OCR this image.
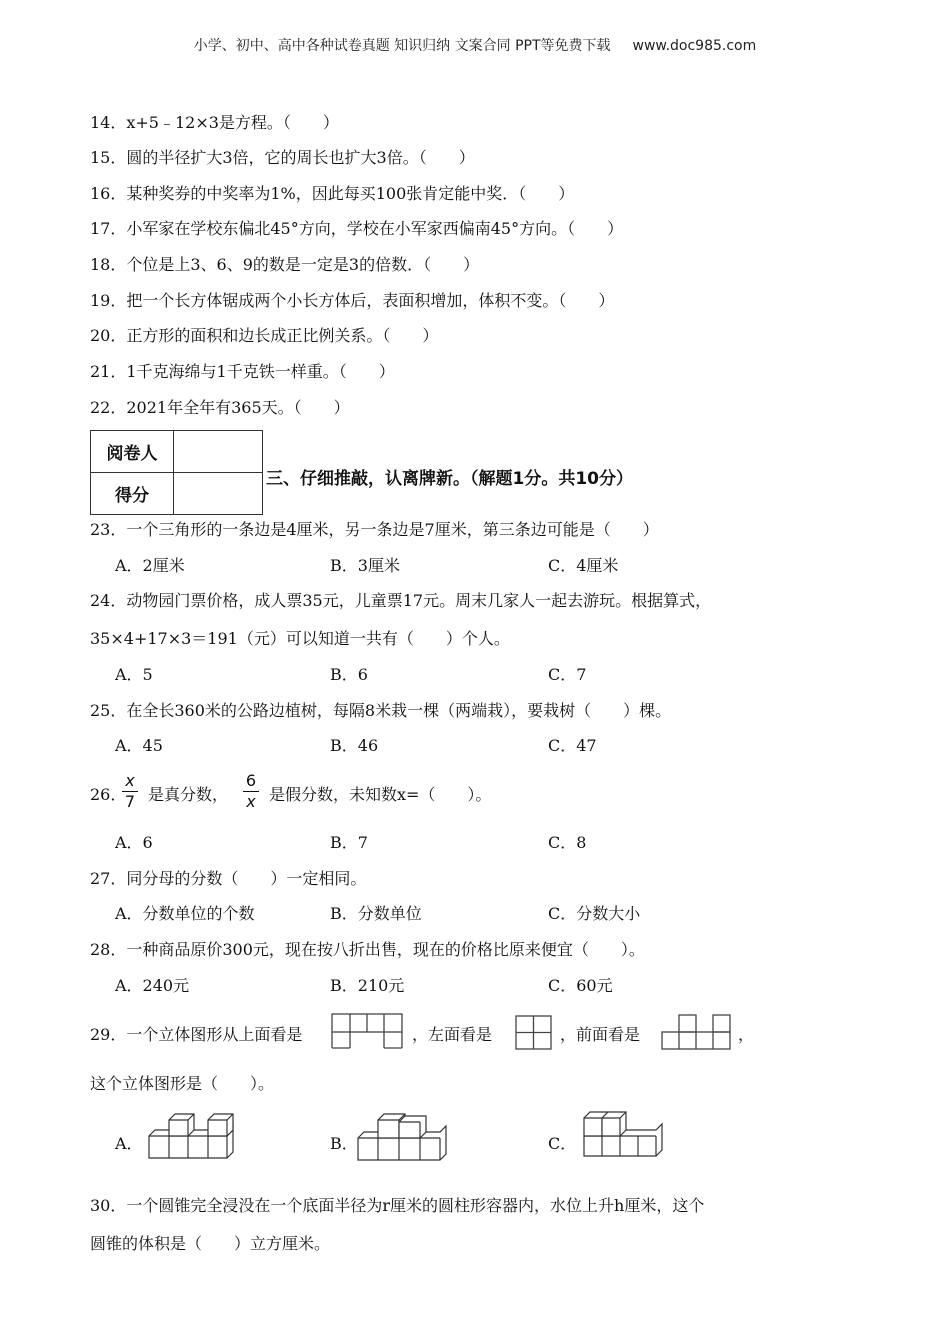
小学、初中、高中各种试卷真题 知识归纳 文案合同 PPT等免费下载 www.doc985.com
14．x+5﹣12×3是方程。（　　）
15．圆的半径扩大3倍，它的周长也扩大3倍。（　　）
16．某种奖券的中奖率为1%，因此每买100张肯定能中奖．（　　）
17．小军家在学校东偏北45°方向，学校在小军家西偏南45°方向。（　　）
18．个位是上3、6、9的数是一定是3的倍数．（　　）
19．把一个长方体锯成两个小长方体后，表面积增加，体积不变。（　　）
20．正方形的面积和边长成正比例关系。（　　）
21．1千克海绵与1千克铁一样重。（　　）
22．2021年全年有365天。（　　）
阅卷人	
得分	
三、仔细推敲，认离牌新。（解题1分。共10分）
23．一个三角形的一条边是4厘米，另一条边是7厘米，第三条边可能是（　　）
A．2厘米	B．3厘米	C．4厘米
24．动物园门票价格，成人票35元，儿童票17元。周末几家人一起去游玩。根据算式，
35×4+17×3＝191（元）可以知道一共有（　　）个人。
A．5	B．6	C．7
25．在全长360米的公路边植树，每隔8米栽一棵（两端栽），要栽树（　　）棵。
A．45	B．46	C．47
26．
x
7 是真分数，
6
x 是假分数，未知数x=（　　）。
A．6	B．7	C．8
27．同分母的分数（　　）一定相同。
A．分数单位的个数	B．分数单位	C．分数大小
28．一种商品原价300元，现在按八折出售，现在的价格比原来便宜（　　）。
A．240元	B．210元	C．60元
29．一个立体图形从上面看是	，左面看是	，前面看是	，
这个立体图形是（　　）。
A．	B．	C．
30．一个圆锥完全浸没在一个底面半径为r厘米的圆柱形容器内，水位上升h厘米，这个
圆锥的体积是（　　）立方厘米。
